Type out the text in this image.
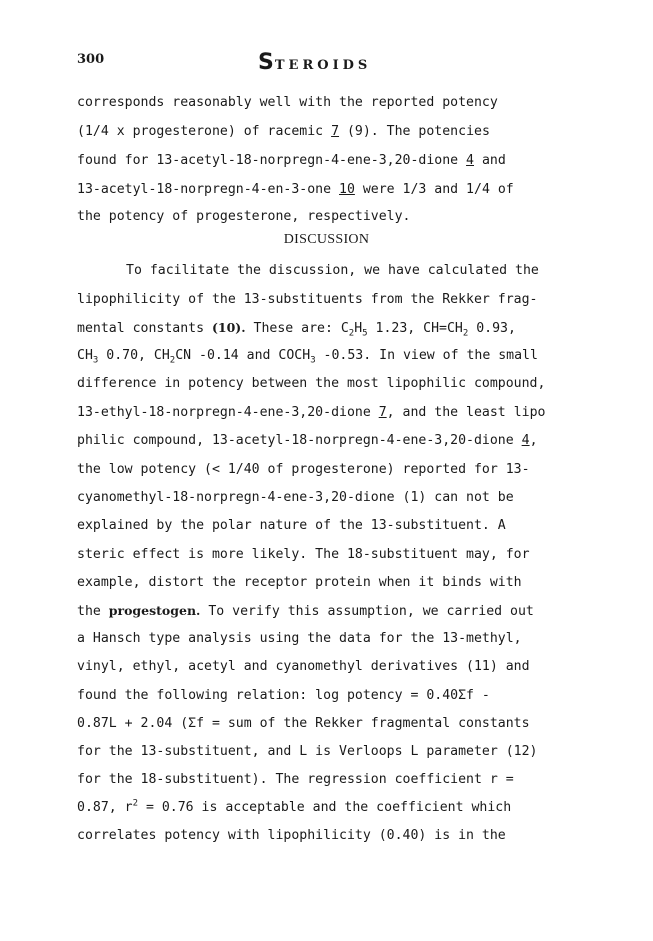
300	STEROIDS
corresponds reasonably well with the reported potency
(1/4 x progesterone) of racemic 7 (9). The potencies
found for 13-acetyl-18-norpregn-4-ene-3,20-dione 4 and
13-acetyl-18-norpregn-4-en-3-one 10 were 1/3 and 1/4 of
the potency of progesterone, respectively.
DISCUSSION
To facilitate the discussion, we have calculated the
lipophilicity of the 13-substituents from the Rekker frag-
mental constants (10). These are: $C_2H_5$ 1.23, $CH=CH_2$ 0.93,
$CH_3$ 0.70, $CH_2CN$ -0.14 and $COCH_3$ -0.53. In view of the small
difference in potency between the most lipophilic compound,
13-ethyl-18-norpregn-4-ene-3,20-dione 7, and the least lipo
philic compound, 13-acetyl-18-norpregn-4-ene-3,20-dione 4,
the low potency (< 1/40 of progesterone) reported for 13-
cyanomethyl-18-norpregn-4-ene-3,20-dione (1) can not be
explained by the polar nature of the 13-substituent. A
steric effect is more likely. The 18-substituent may, for
example, distort the receptor protein when it binds with
the progestogen. To verify this assumption, we carried out
a Hansch type analysis using the data for the 13-methyl,
vinyl, ethyl, acetyl and cyanomethyl derivatives (11) and
found the following relation: log potency = 0.40Σf -
0.87L + 2.04 (Σf = sum of the Rekker fragmental constants
for the 13-substituent, and L is Verloops L parameter (12)
for the 18-substituent). The regression coefficient r =
0.87, $r^2 = 0.76$ is acceptable and the coefficient which
correlates potency with lipophilicity (0.40) is in the
